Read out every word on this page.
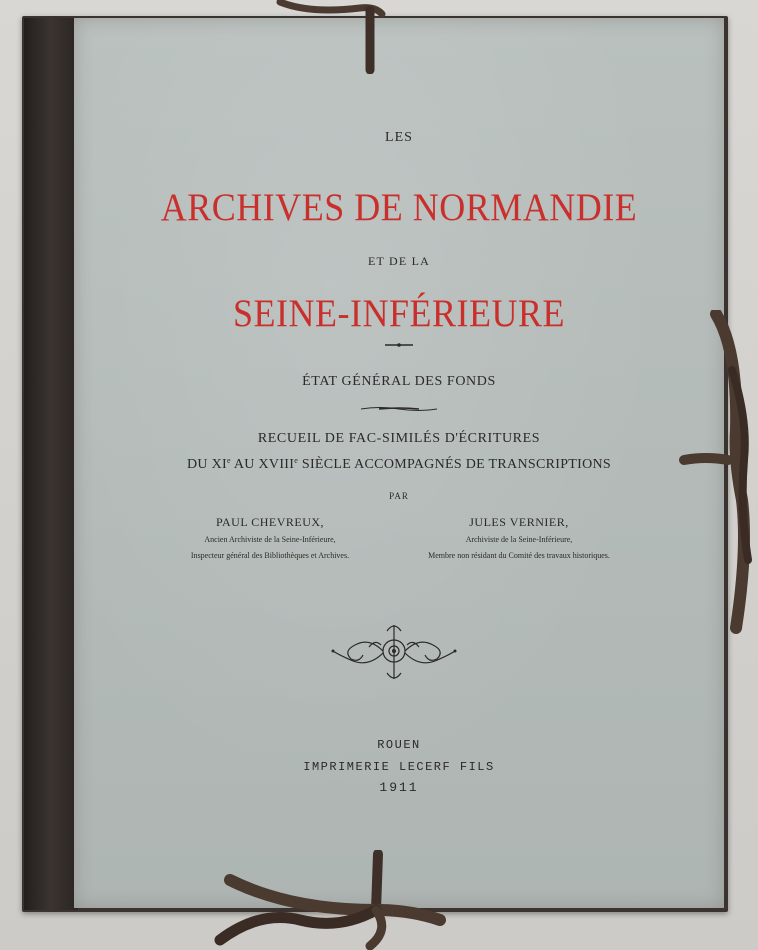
LES
ARCHIVES DE NORMANDIE
ET DE LA
SEINE-INFÉRIEURE
ÉTAT GÉNÉRAL DES FONDS
RECUEIL DE FAC-SIMILÉS D'ÉCRITURES
DU XIe AU XVIIIe SIÈCLE ACCOMPAGNÉS DE TRANSCRIPTIONS
PAR
PAUL CHEVREUX,
Ancien Archiviste de la Seine-Inférieure,
Inspecteur général des Bibliothèques et Archives.
JULES VERNIER,
Archiviste de la Seine-Inférieure,
Membre non résidant du Comité des travaux historiques.
ROUEN
IMPRIMERIE LECERF FILS
1911
